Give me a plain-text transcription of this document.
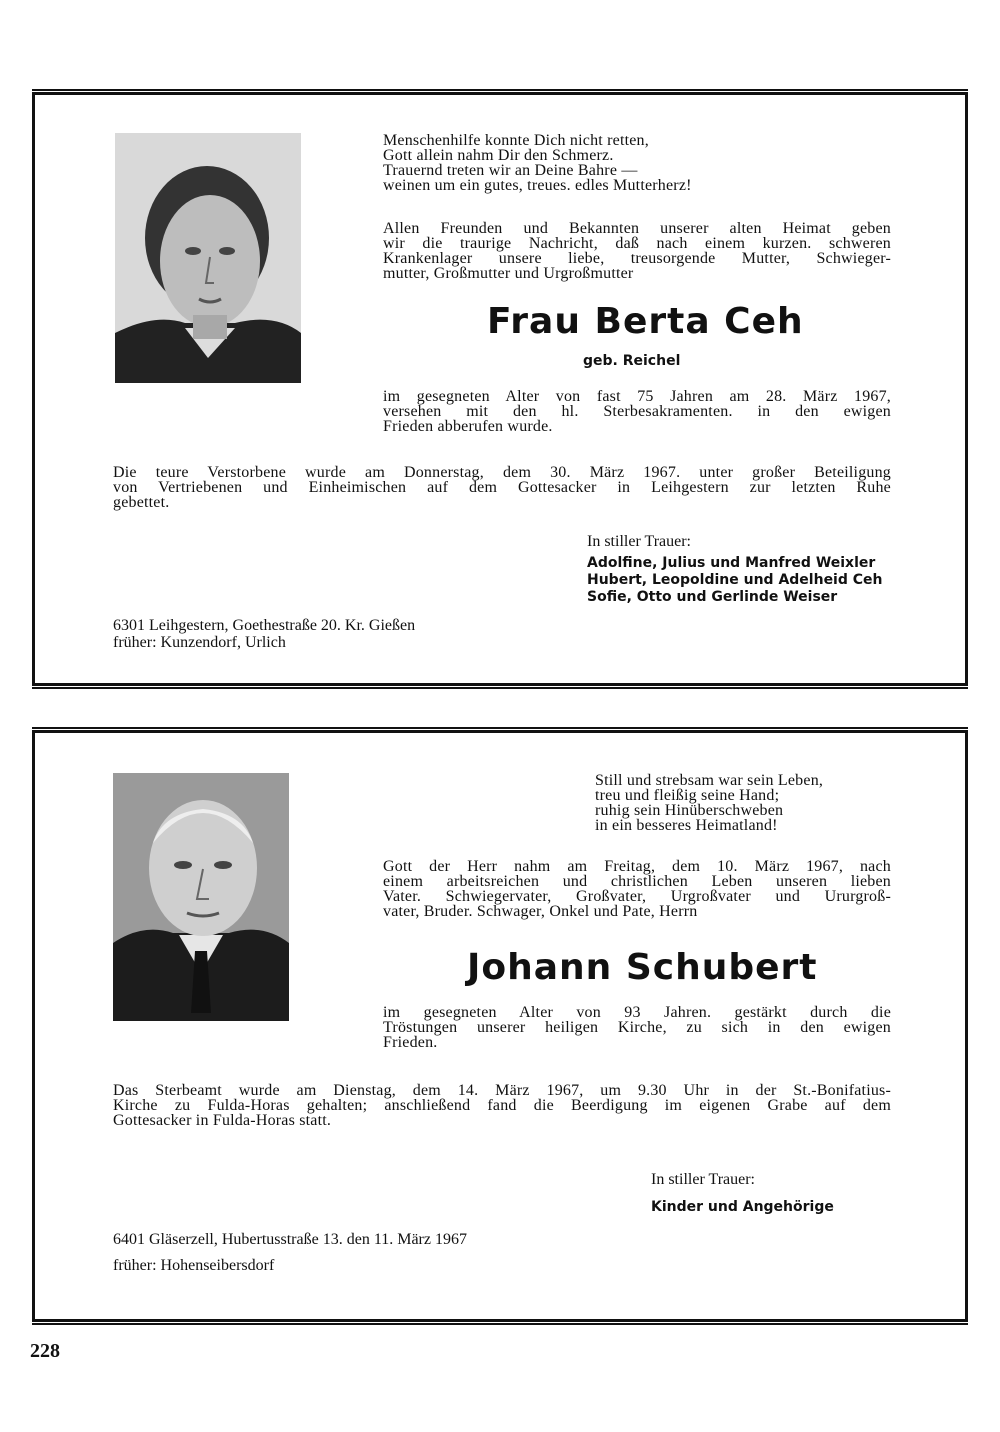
Menschenhilfe konnte Dich nicht retten,
Gott allein nahm Dir den Schmerz.
Trauernd treten wir an Deine Bahre —
weinen um ein gutes, treues. edles Mutterherz!
Allen Freunden und Bekannten unserer alten Heimat geben
wir die traurige Nachricht, daß nach einem kurzen. schweren
Krankenlager unsere liebe, treusorgende Mutter, Schwieger-
mutter, Großmutter und Urgroßmutter
Frau Berta Ceh
geb. Reichel
im gesegneten Alter von fast 75 Jahren am 28. März 1967,
versehen mit den hl. Sterbesakramenten. in den ewigen
Frieden abberufen wurde.
Die teure Verstorbene wurde am Donnerstag, dem 30. März 1967. unter großer Beteiligung
von Vertriebenen und Einheimischen auf dem Gottesacker in Leihgestern zur letzten Ruhe
gebettet.
In stiller Trauer:
Adolfine, Julius und Manfred Weixler
Hubert, Leopoldine und Adelheid Ceh
Sofie, Otto und Gerlinde Weiser
6301 Leihgestern, Goethestraße 20. Kr. Gießen
früher: Kunzendorf, Urlich
Still und strebsam war sein Leben,
treu und fleißig seine Hand;
ruhig sein Hinüberschweben
in ein besseres Heimatland!
Gott der Herr nahm am Freitag, dem 10. März 1967, nach
einem arbeitsreichen und christlichen Leben unseren lieben
Vater. Schwiegervater, Großvater, Urgroßvater und Ururgroß-
vater, Bruder. Schwager, Onkel und Pate, Herrn
Johann Schubert
im gesegneten Alter von 93 Jahren. gestärkt durch die
Tröstungen unserer heiligen Kirche, zu sich in den ewigen
Frieden.
Das Sterbeamt wurde am Dienstag, dem 14. März 1967, um 9.30 Uhr in der St.-Bonifatius-
Kirche zu Fulda-Horas gehalten; anschließend fand die Beerdigung im eigenen Grabe auf dem
Gottesacker in Fulda-Horas statt.
In stiller Trauer:
Kinder und Angehörige
6401 Gläserzell, Hubertusstraße 13. den 11. März 1967
früher: Hohenseibersdorf
228
